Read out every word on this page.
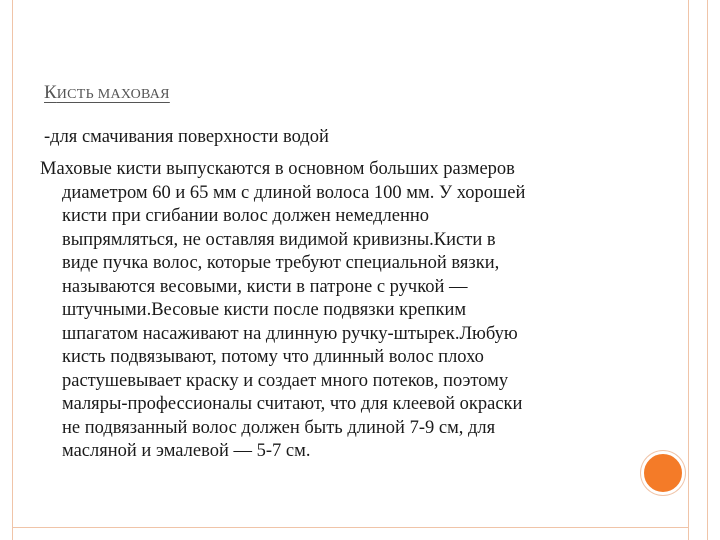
КИСТЬ МАХОВАЯ

-для смачивания поверхности водой

Маховые кисти выпускаются в основном больших размеров
диаметром 60 и 65 мм с длиной волоса 100 мм. У хорошей
кисти при сгибании волос должен немедленно
выпрямляться, не оставляя видимой кривизны.Кисти в
виде пучка волос, которые требуют специальной вязки,
называются весовыми, кисти в патроне с ручкой —
штучными.Весовые кисти после подвязки крепким
шпагатом насаживают на длинную ручку-штырек.Любую
кисть подвязывают, потому что длинный волос плохо
растушевывает краску и создает много потеков, поэтому
маляры-профессионалы считают, что для клеевой окраски
не подвязанный волос должен быть длиной 7-9 см, для
масляной и эмалевой — 5-7 см.
